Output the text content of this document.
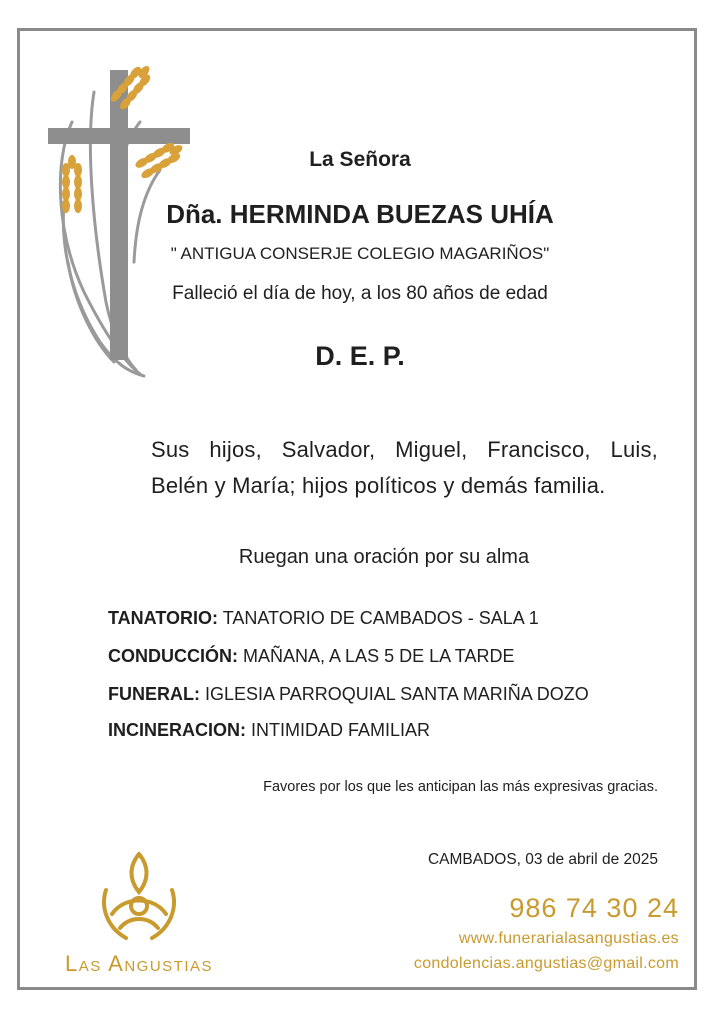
La Señora
Dña. HERMINDA BUEZAS UHÍA
" ANTIGUA CONSERJE COLEGIO MAGARIÑOS"
Falleció el día de hoy, a los 80 años de edad
D. E. P.
Sus hijos, Salvador, Miguel, Francisco, Luis,
Belén y María; hijos políticos y demás familia.
Ruegan una oración por su alma
TANATORIO: TANATORIO DE CAMBADOS - SALA 1
CONDUCCIÓN: MAÑANA, A LAS 5 DE LA TARDE
FUNERAL: IGLESIA PARROQUIAL SANTA MARIÑA DOZO
INCINERACION: INTIMIDAD FAMILIAR
Favores por los que les anticipan las más expresivas gracias.
CAMBADOS, 03 de abril de 2025
986 74 30 24
www.funerarialasangustias.es
condolencias.angustias@gmail.com
Las Angustias
